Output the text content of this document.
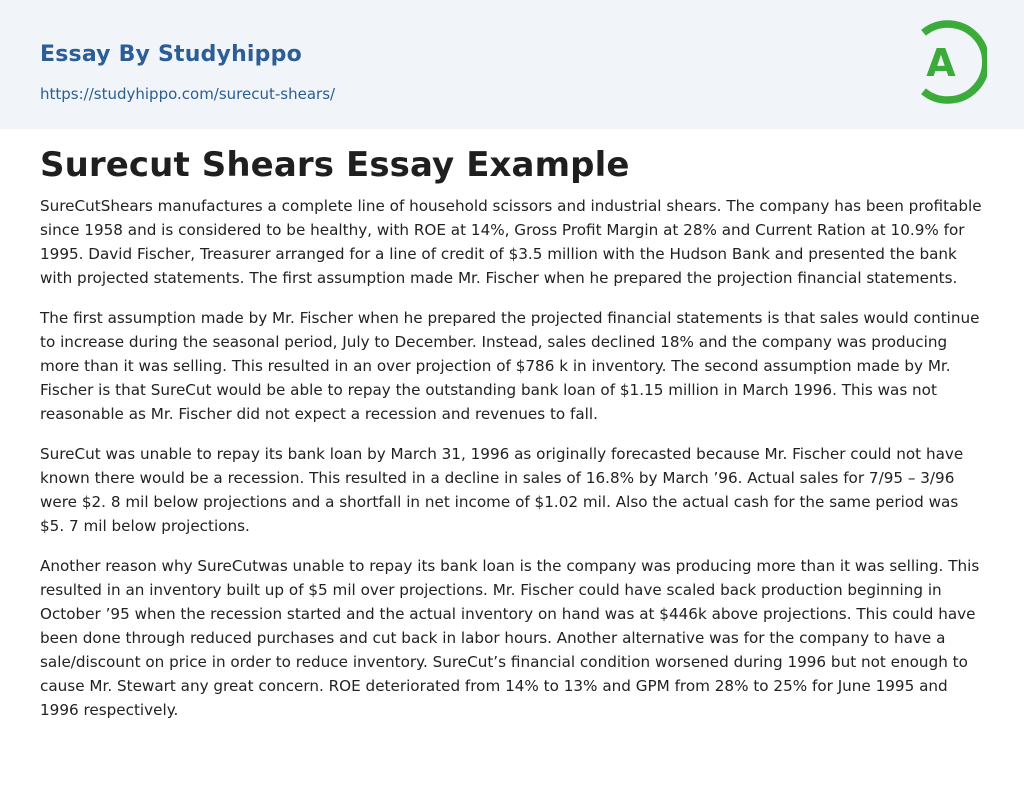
Essay By Studyhippo
https://studyhippo.com/surecut-shears/
A
Surecut Shears Essay Example

SureCutShears manufactures a complete line of household scissors and industrial shears. The company has been profitable since 1958 and is considered to be healthy, with ROE at 14%, Gross Profit Margin at 28% and Current Ration at 10.9% for 1995. David Fischer, Treasurer arranged for a line of credit of $3.5 million with the Hudson Bank and presented the bank with projected statements. The first assumption made Mr. Fischer when he prepared the projection financial statements.

The first assumption made by Mr. Fischer when he prepared the projected financial statements is that sales would continue to increase during the seasonal period, July to December. Instead, sales declined 18% and the company was producing more than it was selling. This resulted in an over projection of $786 k in inventory. The second assumption made by Mr. Fischer is that SureCut would be able to repay the outstanding bank loan of $1.15 million in March 1996. This was not reasonable as Mr. Fischer did not expect a recession and revenues to fall.

SureCut was unable to repay its bank loan by March 31, 1996 as originally forecasted because Mr. Fischer could not have known there would be a recession. This resulted in a decline in sales of 16.8% by March ’96. Actual sales for 7/95 – 3/96 were $2. 8 mil below projections and a shortfall in net income of $1.02 mil. Also the actual cash for the same period was $5. 7 mil below projections.

Another reason why SureCutwas unable to repay its bank loan is the company was producing more than it was selling. This resulted in an inventory built up of $5 mil over projections. Mr. Fischer could have scaled back production beginning in October ’95 when the recession started and the actual inventory on hand was at $446k above projections. This could have been done through reduced purchases and cut back in labor hours. Another alternative was for the company to have a sale/discount on price in order to reduce inventory. SureCut’s financial condition worsened during 1996 but not enough to cause Mr. Stewart any great concern. ROE deteriorated from 14% to 13% and GPM from 28% to 25% for June 1995 and 1996 respectively.
